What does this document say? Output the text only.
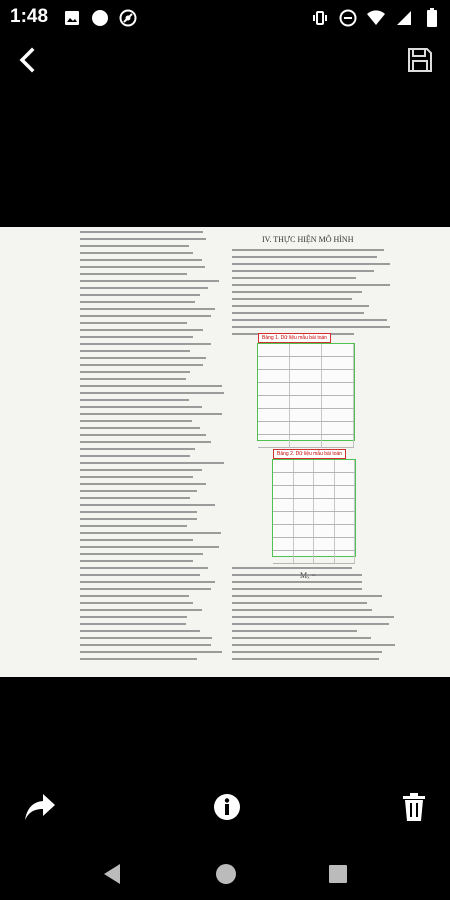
1:48
IV. THỰC HIỆN MÔ HÌNH
Bảng 1. Dữ liệu mẫu bài toán
Bảng 2. Dữ liệu mẫu bài toán
